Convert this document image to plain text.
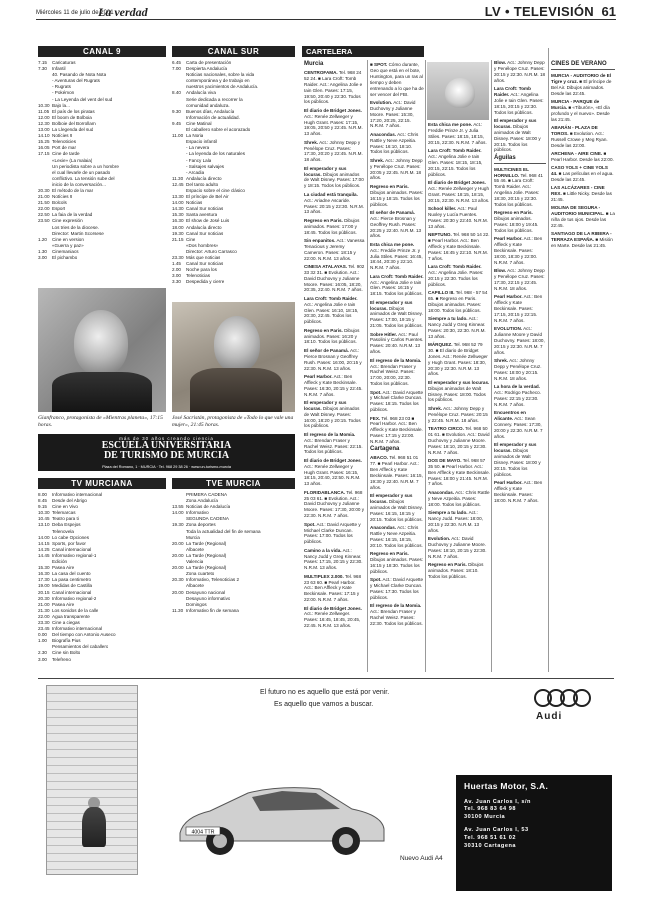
Miércoles 11 de julio de 2001
La verdad	LV • TELEVISIÓN 61
CANAL 9
7.15	Caricaturas
7.30	Infantil
40. Pasando de Nota Nota
- Aventuras del Rugrats
- Rugrats
- Pokémon
- La Leyenda del vent del sud
10.30 Bajo la...
11.05 El país de los piratas
12.00 El boom de Bolboia
12.30 Bolboie del Borrollam
13.00 La Llegenda del sud
14.10 Notícies 9
15.25 Telenoticies
16.05 Port de mar
17.15 Cine de tarde
«Lexie» (La malaia)
Un periodista sobre a un hombre
el cual llevarle de un pasado
conflictivo. La tensión sube del
inicio de la conversación...
20.30 El método de la mar
21.00 Notícies 9
21.50 Bolcols
22.00 Esport
22.50 La faia de la verdad
23.50 Cine expresión
Los tries de la diocese.
Director: Martin Scorsese
1.20	Cine en version
«Guerra y paz»
1.30	Cinemaniacs
3.00	El pichambo
CANAL SUR
6.45	Carta de presentación
7.00	Despierta Andalucía
Noticias nacionales, sobre la vida
contemporánea y de trabajo en
nuestros yacimientos de Andalucía.
8.40	Andalucía viva
Serie dedicada a recorrer la
comunidad andaluza.
9.30	Buenos días, Andalucía
Información de actualidad.
9.45	Cine Matinal
El caballero sobre el acorazado
11.00 La Noria
Espacio infantil
- La nevera
- La leyenda de los naturales
- Fancy Lala
- Salsajes salvajes
- Arcadia
11.30 Andalucía directo
12.45 Del tanto adulto
Espacio sobre el cine clásico
13.30 El príncipe de Bel Air
14.00 Noticias
14.30 Canal Sur noticias
15.30 Santa aventura
16.30 El show de José Luis
18.00 Andalucía directo
19.30 Canal Sur noticias
21.15 Cine
«Dos hombres»
Director: Arturo Carrasco
23.30 Más que noticias
1.45	Canal Sur noticias
2.00	Noche para los
3.00	Telenoticias
3.30	Despedida y cierre
Gianfranco, protagonista de «Mientras planeta», 17:15 horas.
José Sacristán, protagonista de «Todo lo que vale una mujer», 21:45 horas.
más de 30 años creando ciencia
ESCUELA UNIVERSITARIA
DE TURISMO DE MURCIA
Plaza del Romano, 1 · MURCIA · Tel. 968 29 38 26 · www.un-turismo-murcia
TV MURCIANA
8.00	Informativo internacional
8.45	Desde del Abrigo
9.15	Cine en Vivo
10.30 Telemarcas
10.45 Teatro para ti
13.10 Deba Espejos
Telenovela
14.00 Lo cabe Opciones
14.15 Sports, por favor
14.25 Canal internacional
14.45 Informativo regional-1
Edición
15.30 Pasea Aire
16.30 La casa del cuento
17.30 La pasa centimetro
19.00 Medidas de Castilla
20.15 Canal internacional
20.30 Informativo regional-2
21.00 Pasea Aire
21.30 Los sonidos de la calle
22.00 Agua transparente
23.30 Cine a ciegas
23.45 Informativo internacional
0.00	Del tiempo con Antonio Auseco
1.00	Biografía Pius
Pensamientos del caballero
2.30	Cine sin Bolto
3.00	Telefreno
TVE MURCIA
PRIMERA CADENA
Zona Andalucía
13.55 Noticias de Andalucía
14.00 Informativo
SEGUNDA CADENA
19.30 Zona deportes
Toda la actualidad del fin de semana
Murcia
20.00 La Tarde (Regional)
Albacete
20.00 La Tarde (Regional)
Valencia
20.00 La Tarde (Regional)
Zona cuarteto
20.30 Informativo, Telenoticias 2
Albacete
20.00 Desayuno nacional
Desayuno informativo
Domingos
11.30 Informativo fin de semana
CARTELERA
Murcia

CENTROFAMA. Tel. 968 24 52 24. ■ Lara Croft: Tomb Raider. Act.: Angelina Jolie e Iain Glen. Pases: 17:15, 19:50, 20:40 y 22:30. Todos los públicos.

El diario de Bridget Jones. Act.: Renée Zellweger y Hugh Grant. Pases: 17:15, 19:05, 20:50 y 22:45. N.R.M. 13 años.

Shrek. Act.: Johnny Depp y Penélope Cruz. Pases: 17:30, 20:20 y 22:45. N.R.M. 18 años.

El emperador y sus locuras. Dibujos animados de Walt Disney. Pases: 17:00 y 18:15. Todos los públicos.

La ciudad está tranquila. Act.: Ariadne Ascaride. Pases: 20:15 y 22:30. N.R.M. 13 años.

Regreso en Paris. Dibujos animados. Pases: 17:00 y 18:45. Todos los públicos.

Sin enpanitos. Act.: Vanessa Tenacious y Jeremy Cameron. Pases: 18:15 y 22:00. N.R.M. 13 años.

CINESA ATALAYAS. Tel. 902 33 32 31. ■ Evolution. Act.: David Duchovny y Julianne Moore. Pases: 16:05, 18:20, 20:35, 22:40. N.R.M. 7 años.

Lara Croft: Tomb Raider. Act.: Angelina Jolie e Iain Glen. Pases: 16:10, 18:15, 20:30, 22:45. Todos los públicos.

Regreso en Paris. Dibujos animados. Pases: 16:20 y 18:10. Todos los públicos.

El señor de Panamá. Act.: Pierce Brosnan y Geoffrey Rush. Pases: 16:00, 20:15 y 22:30. N.R.M. 13 años.

Pearl Harbor. Act.: Ben Affleck y Kate Beckinsale. Pases: 16:30, 20:15 y 22:45. N.R.M. 7 años.

El emperador y sus locuras. Dibujos animados de Walt Disney. Pases: 16:00, 18:20 y 20:15. Todos los públicos.

El regreso de la Momia. Act.: Brendan Fraser y Rachel Weisz. Pases: 22:15. Todos los públicos.

El diario de Bridget Jones. Act.: Renée Zellweger y Hugh Grant. Pases: 16:15, 18:15, 20:40, 22:50. N.R.M. 13 años.

FLORIDABLANCA. Tel. 968 25 03 61. ■ Evolution. Act.: David Duchovny y Julianne Moore. Pases: 17:30, 20:00 y 22:30. N.R.M. 7 años.

Spot. Act.: David Arquette y Michael Clarke Duncan. Pases: 17:00. Todos los públicos.

Camino a la vida. Act.: Nancy Judd y Greg Kinnear. Pases: 17:15, 20:15 y 22:30. N.R.M. 13 años.

MULTIPLEX 2.000. Tel. 968 23 63 60. ■ Pearl Harbor. Act.: Ben Affleck y Kate Beckinsale. Pases: 17:15 y 22:00. N.R.M. 7 años.

El diario de Bridget Jones. Act.: Renée Zellweger. Pases: 16:45, 18:45, 20:45, 22:45. N.R.M. 13 años.

■ SPOT. Cómo durante, Geo que está en el bote, Huntington, para un ras al tiempo y deben entrenando a lo que ha de ser vencer del FBI.

Evolution. Act.: David Duchovny y Julianne Moore. Pases: 15:30, 17:20, 20:25, 22:15. N.R.M. 7 años.

Anacondas. Act.: Chris Rattle y Neve Azpeitia. Pases: 16:10, 18:10. Todos los públicos.

Shrek. Act.: Johnny Depp y Penélope Cruz. Pases: 20:05 y 22:45. N.R.M. 18 años.

Regreso en Paris. Dibujos animados. Pases: 16:15 y 18:15. Todos los públicos.

El señor de Panamá. Act.: Pierce Brosnan y Geoffrey Rush. Pases: 20:25 y 22:40. N.R.M. 13 años.

Esta chica me pone. Act.: Freddie Prinze Jr. y Julia Stiles. Pases: 16:45, 18:44, 20:30 y 22:10. N.R.M. 7 años.

Lara Croft: Tomb Raider. Act.: Angelina Jolie e Iain Glen. Pases: 16:15 y 18:15. Todos los públicos.

El emperador y sus locuras. Dibujos animados de Walt Disney. Pases: 17:00, 19:15 y 21:05. Todos los públicos.

Sobre Hitler. Act.: Paul Pasolini y Carlos Fuentes. Pases: 20:40. N.R.M. 13 años.

El regreso de la Momia. Act.: Brendan Fraser y Rachel Weisz. Pases: 17:00, 20:00, 22:30. Todos los públicos.

Spot. Act.: David Arquette y Michael Clarke Duncan. Pases: 18:15. Todos los públicos.

FEX. Tel. 968 23 03 ■ Pearl Harbor. Act.: Ben Affleck y Kate Beckinsale. Pases: 17:15 y 22:00. N.R.M. 7 años.

Cartagena

ABACO. Tel. 968 51 01 77. ■ Pearl Harbor. Act.: Ben Affleck y Kate Beckinsale. Pases: 16:15, 19:30 y 22:40. N.R.M. 7 años.

El emperador y sus locuras. Dibujos animados de Walt Disney. Pases: 16:15, 18:15 y 20:15. Todos los públicos.

Anacondas. Act.: Chris Rattle y Neve Azpeitia. Pases: 16:15, 18:15, 20:10. Todos los públicos.

Regreso en Paris. Dibujos animados. Pases: 16:15 y 18:30. Todos los públicos.

Spot. Act.: David Arquette y Michael Clarke Duncan. Pases: 17:30. Todos los públicos.

El regreso de la Momia. Act.: Brendan Fraser y Rachel Weisz. Pases: 22:30. Todos los públicos.

Esta chica me pone. Act.: Freddie Prinze Jr. y Julia Stiles. Pases: 18:15, 18:15, 20:15, 22:30. N.R.M. 7 años.

Lara Croft: Tomb Raider. Act.: Angelina Jolie e Iain Glen. Pases: 18:15, 18:15, 20:15, 22:15. Todos los públicos.

El diario de Bridget Jones. Act.: Renée Zellweger y Hugh Grant. Pases: 18:15, 18:15, 20:15, 22:30. N.R.M. 13 años.

School killer. Act.: Paul Nuxley y Lucía Fuentes. Pases: 20:30 y 22:40. N.R.M. 13 años.

NEPTUNO. Tel. 968 50 14 22. ■ Pearl Harbor. Act.: Ben Affleck y Kate Beckinsale. Pases: 16:45 y 22:10. N.R.M. 7 años.

Lara Croft: Tomb Raider. Act.: Angelina Jolie. Pases: 20:15 y 22:30. Todos los públicos.

CAPILLO III. Tel. 968 - 57 54 65. ■ Regreso en Paris. Dibujos animados. Pases: 18:00. Todos los públicos.

Siempre a tu lado. Act.: Nancy Judd y Greg Kinnear. Pases: 20:30, 22:30. N.R.M. 13 años.

MÁRQUEZ. Tel. 968 52 79 30. ■ El diario de Bridget Jones. Act.: Renée Zellweger y Hugh Grant. Pases: 18:30, 20:30 y 22:30. N.R.M. 13 años.

El emperador y sus locuras. Dibujos animados de Walt Disney. Pases: 18:00. Todos los públicos.

Shrek. Act.: Johnny Depp y Penélope Cruz. Pases: 20:15 y 22:45. N.R.M. 18 años.

TEATRO CIRCO. Tel. 968 50 01 61. ■ Evolution. Act.: David Duchovny y Julianne Moore. Pases: 18:10, 20:15 y 22:30. N.R.M. 7 años.

DOS DE MAYO. Tel. 968 57 35 50. ■ Pearl Harbor. Act.: Ben Affleck y Kate Beckinsale. Pases: 18:00 y 21:45. N.R.M. 7 años.

Anacondas. Act.: Chris Rattle y Neve Azpeitia. Pases: 18:00. Todos los públicos.

Siempre a tu lado. Act.: Nancy Judd. Pases: 18:00, 20:15 y 22:30. N.R.M. 13 años.

Evolution. Act.: David Duchovny y Julianne Moore. Pases: 18:10, 20:15 y 22:30. N.R.M. 7 años.

Regreso en Paris. Dibujos animados. Pases: 18:10. Todos los públicos.

Blow. Act.: Johnny Depp y Penélope Cruz. Pases: 20:15 y 22:30. N.R.M. 18 años.

Lara Croft: Tomb Raider. Act.: Angelina Jolie e Iain Glen. Pases: 18:15, 20:15 y 22:30. Todos los públicos.

El emperador y sus locuras. Dibujos animados de Walt Disney. Pases: 18:00 y 20:15. Todos los públicos.

Águilas

MULTICINES EL HORNILLO. Tel. 968 41 55 46. ■ Lara Croft: Tomb Raider. Act.: Angelina Jolie. Pases: 18:30, 20:15 y 22:30. Todos los públicos.

Regreso en Paris. Dibujos animados. Pases: 18:00 y 19:45. Todos los públicos.

Pearl Harbor. Act.: Ben Affleck y Kate Beckinsale. Pases: 18:00, 18:30 y 22:00. N.R.M. 7 años.

Blow. Act.: Johnny Depp y Penélope Cruz. Pases: 17:30, 22:15 y 22:45. N.R.M. 18 años.

Pearl Harbor. Act.: Ben Affleck y Kate Beckinsale. Pases: 17:15, 20:15 y 22:15. N.R.M. 7 años.

EVOLUTION. Act.: Julianne Moore y David Duchovny. Pases: 18:00, 20:15 y 22:30. N.R.M. 7 años.

Shrek. Act.: Johnny Depp y Penélope Cruz. Pases: 18:00 y 20:15. N.R.M. 18 años.

La hora de la verdad. Act.: Rodrigo Pacheco. Pases: 22:15 y 22:30. N.R.M. 7 años.

Encuentros en Alicante. Act.: Sean Connery. Pases: 17:30, 20:00 y 22:30. N.R.M. 7 años.

El emperador y sus locuras. Dibujos animados de Walt Disney. Pases: 18:00 y 20:15. Todos los públicos.

Pearl Harbor. Act.: Ben Affleck y Kate Beckinsale. Pases: 18:00. N.R.M. 7 años.

CINES DE VERANO

MURCIA - AUDITORIO de El Tigre y cruz. ■ El príncipe de Bel Air. Dibujos animados. Desde las 22:45.

MURCIA - PARQUE de Murcia. ■ «Tiburón», «El día profundo y el nuevo». Desde las 21:45.

ABARÁN - PLAZA DE TOROS. ■ Evolution. Act.: Russell Crowe y Meg Ryan. Desde las 22:00.

ARCHENA - AIRE CINE. ■ Pearl Harbor. Desde las 22:00.

CASO YOLS + CINE YOLS 44. ■ Las películas en el agua. Desde las 22:45.

LAS ALCÁZARES - CINE REX. ■ Little Nicky. Desde las 21:45.

MOLINA DE SEGURA - AUDITORIO MUNICIPAL. ■ La niña de tus ojos. Desde las 22:45.

SANTIAGO DE LA RIBERA - TERRAZA ESPAÑA. ■ Misión en Marte. Desde las 21:45.

El futuro no es aquello que está por venir.
Es aquello que vamos a buscar.
4004 TTR
Audi
Nuevo Audi A4
Huertas Motor, S.A.
Av. Juan Carlos I, s/n
Tel. 968 83 64 98
30100 Murcia
Av. Juan Carlos I, 53
Tel. 968 51 61 02
30310 Cartagena
